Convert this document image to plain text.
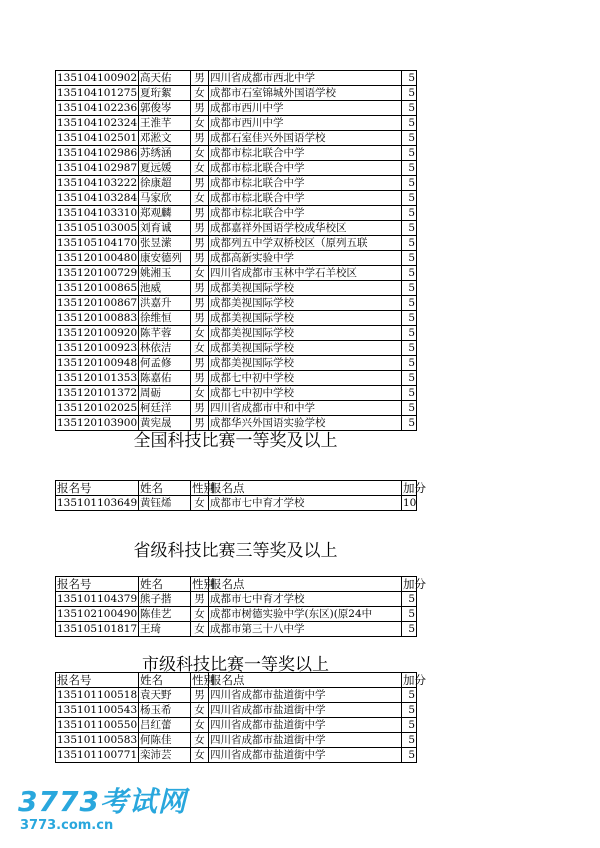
135104100902	高天佑	男	四川省成都市西北中学	5
135104101275	夏珩絮	女	成都市石室锦城外国语学校	5
135104102236	郭俊岑	男	成都市西川中学	5
135104102324	王淮芊	女	成都市西川中学	5
135104102501	邓淞文	男	成都石室佳兴外国语学校	5
135104102986	苏绣涵	女	成都市棕北联合中学	5
135104102987	夏远媛	女	成都市棕北联合中学	5
135104103222	徐康超	男	成都市棕北联合中学	5
135104103284	马家欣	女	成都市棕北联合中学	5
135104103310	郑观麟	男	成都市棕北联合中学	5
135105103005	刘育诚	男	成都嘉祥外国语学校成华校区	5
135105104170	张昱潆	男	成都列五中学双桥校区（原列五联	5
135120100480	康安德列	男	成都高新实验中学	5
135120100729	姚湘玉	女	四川省成都市玉林中学石羊校区	5
135120100865	池威	男	成都美视国际学校	5
135120100867	洪嘉升	男	成都美视国际学校	5
135120100883	徐维恒	男	成都美视国际学校	5
135120100920	陈芊蓉	女	成都美视国际学校	5
135120100923	林依洁	女	成都美视国际学校	5
135120100948	何孟修	男	成都美视国际学校	5
135120101353	陈嘉佑	男	成都七中初中学校	5
135120101372	周砺	女	成都七中初中学校	5
135120102025	柯廷洋	男	四川省成都市中和中学	5
135120103900	黄宪晟	男	成都华兴外国语实验学校	5
全国科技比赛一等奖及以上
报名号	姓名	性别	报名点	加分
135101103649	黄钰烯	女	成都市七中育才学校	10
省级科技比赛三等奖及以上
报名号	姓名	性别	报名点	加分
135101104379	熊子揩	男	成都市七中育才学校	5
135102100490	陈佳艺	女	成都市树德实验中学(东区)(原24中	5
135105101817	王琦	女	成都市第三十八中学	5
市级科技比赛一等奖以上
报名号	姓名	性别	报名点	加分
135101100518	袁天野	男	四川省成都市盐道街中学	5
135101100543	杨玉希	女	四川省成都市盐道街中学	5
135101100550	吕红蕾	女	四川省成都市盐道街中学	5
135101100583	何陈佳	女	四川省成都市盐道街中学	5
135101100771	栾沛芸	女	四川省成都市盐道街中学	5
3773考试网
3773.com.cn
